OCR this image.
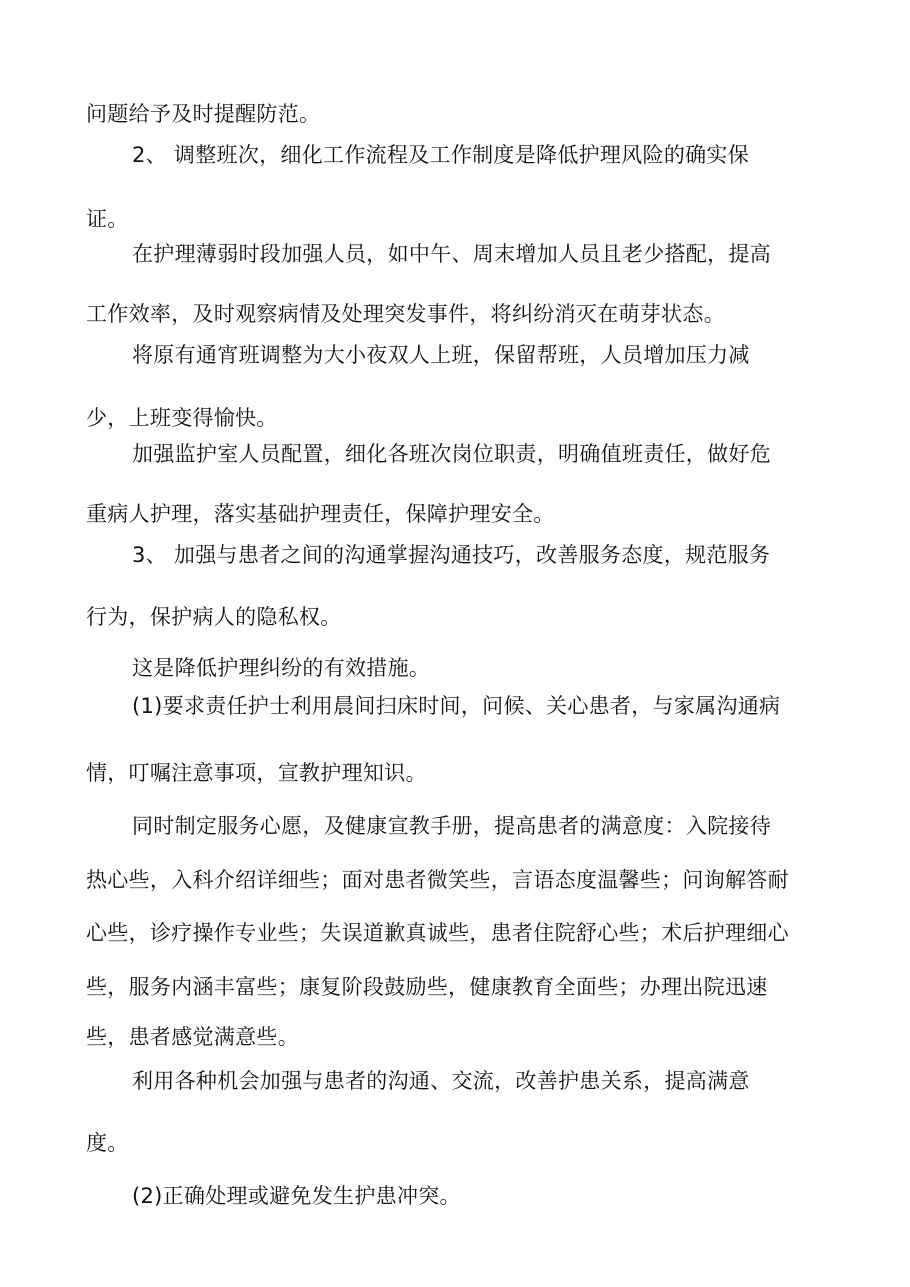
问题给予及时提醒防范。
2、 调整班次，细化工作流程及工作制度是降低护理风险的确实保
证。
在护理薄弱时段加强人员，如中午、周末增加人员且老少搭配，提高
工作效率，及时观察病情及处理突发事件，将纠纷消灭在萌芽状态。
将原有通宵班调整为大小夜双人上班，保留帮班，人员增加压力减
少，上班变得愉快。
加强监护室人员配置，细化各班次岗位职责，明确值班责任，做好危
重病人护理，落实基础护理责任，保障护理安全。
3、 加强与患者之间的沟通掌握沟通技巧，改善服务态度，规范服务
行为，保护病人的隐私权。
这是降低护理纠纷的有效措施。
(1)要求责任护士利用晨间扫床时间，问候、关心患者，与家属沟通病
情，叮嘱注意事项，宣教护理知识。
同时制定服务心愿，及健康宣教手册，提高患者的满意度：入院接待
热心些，入科介绍详细些；面对患者微笑些，言语态度温馨些；问询解答耐
心些，诊疗操作专业些；失误道歉真诚些，患者住院舒心些；术后护理细心
些，服务内涵丰富些；康复阶段鼓励些，健康教育全面些；办理出院迅速
些，患者感觉满意些。
利用各种机会加强与患者的沟通、交流，改善护患关系，提高满意
度。
(2)正确处理或避免发生护患冲突。
